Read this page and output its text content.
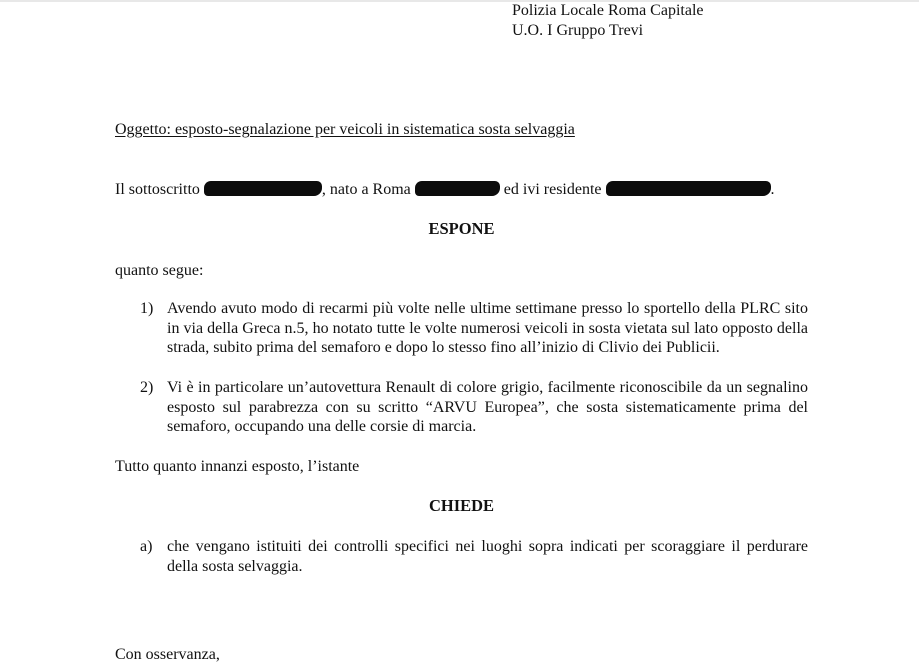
Polizia Locale Roma Capitale
U.O. I Gruppo Trevi
Oggetto: esposto-segnalazione per veicoli in sistematica sosta selvaggia
Il sottoscritto	, nato a Roma	ed ivi residente	.
ESPONE
quanto segue:
1) Avendo avuto modo di recarmi più volte nelle ultime settimane presso lo sportello della PLRC sito in via della Greca n.5, ho notato tutte le volte numerosi veicoli in sosta vietata sul lato opposto della strada, subito prima del semaforo e dopo lo stesso fino all’inizio di Clivio dei Publicii.
2) Vi è in particolare un’autovettura Renault di colore grigio, facilmente riconoscibile da un segnalino esposto sul parabrezza con su scritto “ARVU Europea”, che sosta sistematicamente prima del semaforo, occupando una delle corsie di marcia.
Tutto quanto innanzi esposto, l’istante
CHIEDE
a) che vengano istituiti dei controlli specifici nei luoghi sopra indicati per scoraggiare il perdurare della sosta selvaggia.
Con osservanza,
